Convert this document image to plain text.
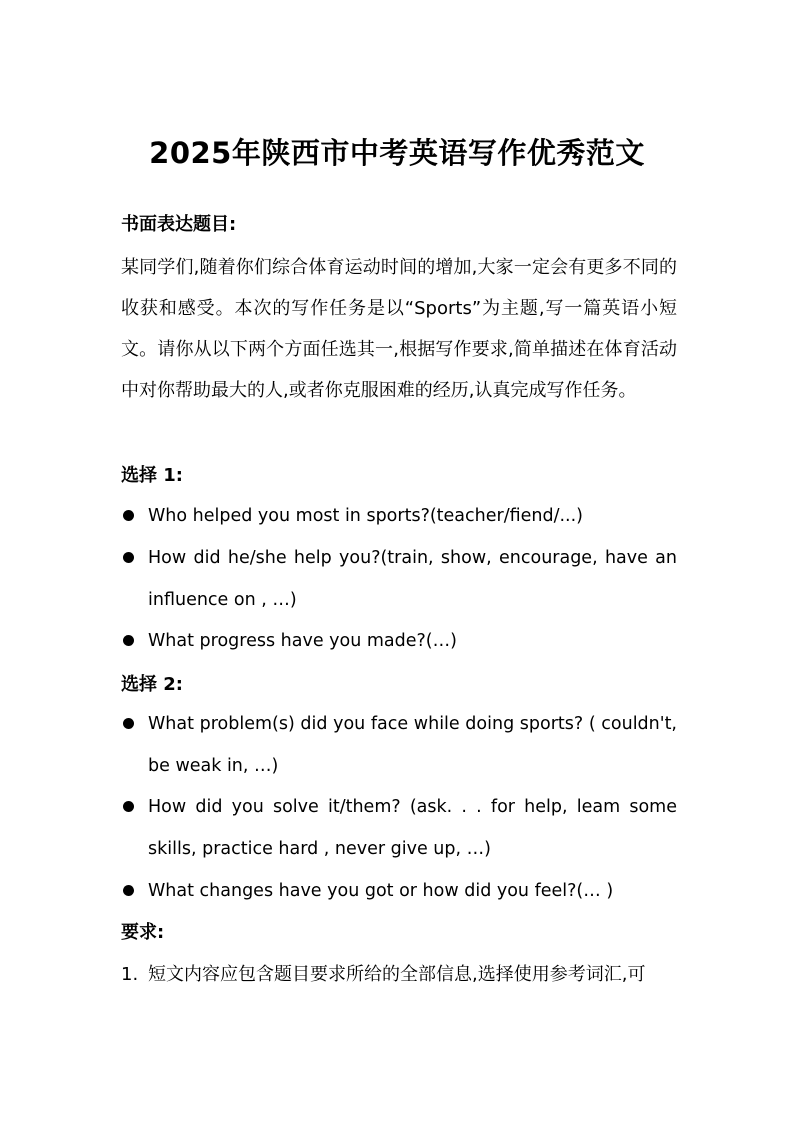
2025年陕西市中考英语写作优秀范文
书面表达题目:
某同学们,随着你们综合体育运动时间的增加,大家一定会有更多不同的收获和感受。本次的写作任务是以“Sports”为主题,写一篇英语小短文。请你从以下两个方面任选其一,根据写作要求,简单描述在体育活动中对你帮助最大的人,或者你克服困难的经历,认真完成写作任务。
选择 1:
Who helped you most in sports?(teacher/fiend/...)
How did he/she help you?(train, show, encourage, have an influence on , …)
What progress have you made?(…)
选择 2:
What problem(s) did you face while doing sports? ( couldn't, be weak in, …)
How did you solve it/them? (ask. . . for help, leam some skills, practice hard , never give up, …)
What changes have you got or how did you feel?(… )
要求:
1. 短文内容应包含题目要求所给的全部信息,选择使用参考词汇,可
